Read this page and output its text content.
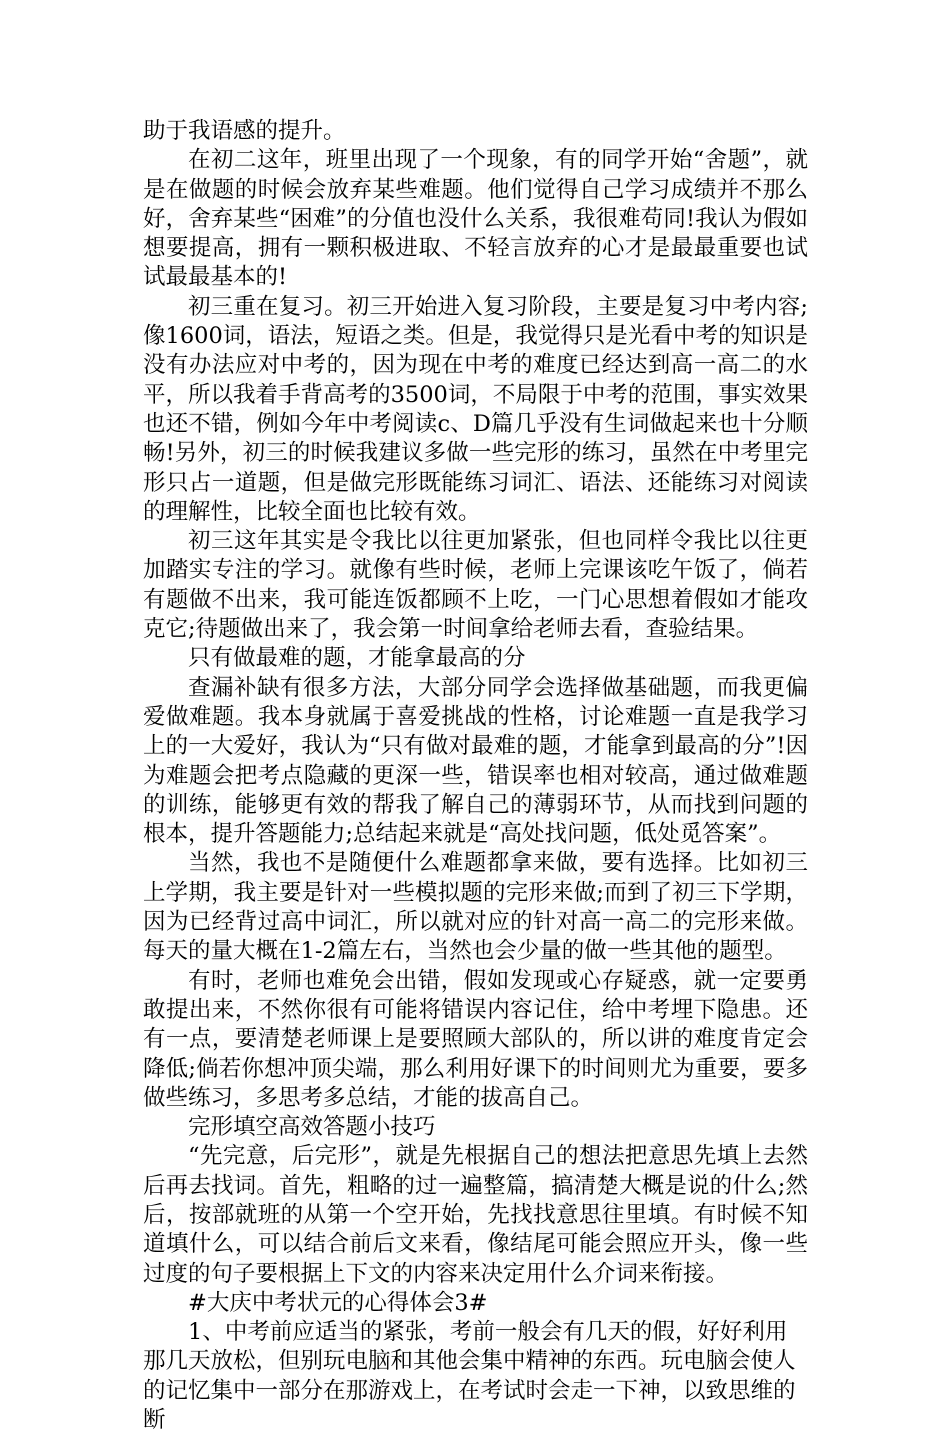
助于我语感的提升。

在初二这年，班里出现了一个现象，有的同学开始“舍题”，就是在做题的时候会放弃某些难题。他们觉得自己学习成绩并不那么好，舍弃某些“困难”的分值也没什么关系，我很难苟同!我认为假如想要提高，拥有一颗积极进取、不轻言放弃的心才是最最重要也试试最最基本的!

初三重在复习。初三开始进入复习阶段，主要是复习中考内容;像1600词，语法，短语之类。但是，我觉得只是光看中考的知识是没有办法应对中考的，因为现在中考的难度已经达到高一高二的水平，所以我着手背高考的3500词，不局限于中考的范围，事实效果也还不错，例如今年中考阅读c、D篇几乎没有生词做起来也十分顺畅!另外，初三的时候我建议多做一些完形的练习，虽然在中考里完形只占一道题，但是做完形既能练习词汇、语法、还能练习对阅读的理解性，比较全面也比较有效。

初三这年其实是令我比以往更加紧张，但也同样令我比以往更加踏实专注的学习。就像有些时候，老师上完课该吃午饭了，倘若有题做不出来，我可能连饭都顾不上吃，一门心思想着假如才能攻克它;待题做出来了，我会第一时间拿给老师去看，查验结果。

只有做最难的题，才能拿最高的分

查漏补缺有很多方法，大部分同学会选择做基础题，而我更偏爱做难题。我本身就属于喜爱挑战的性格，讨论难题一直是我学习上的一大爱好，我认为“只有做对最难的题，才能拿到最高的分”!因为难题会把考点隐藏的更深一些，错误率也相对较高，通过做难题的训练，能够更有效的帮我了解自己的薄弱环节，从而找到问题的根本，提升答题能力;总结起来就是“高处找问题，低处觅答案”。

当然，我也不是随便什么难题都拿来做，要有选择。比如初三上学期，我主要是针对一些模拟题的完形来做;而到了初三下学期，因为已经背过高中词汇，所以就对应的针对高一高二的完形来做。每天的量大概在1-2篇左右，当然也会少量的做一些其他的题型。

有时，老师也难免会出错，假如发现或心存疑惑，就一定要勇敢提出来，不然你很有可能将错误内容记住，给中考埋下隐患。还有一点，要清楚老师课上是要照顾大部队的，所以讲的难度肯定会降低;倘若你想冲顶尖端，那么利用好课下的时间则尤为重要，要多做些练习，多思考多总结，才能的拔高自己。

完形填空高效答题小技巧

“先完意，后完形”，就是先根据自己的想法把意思先填上去然后再去找词。首先，粗略的过一遍整篇，搞清楚大概是说的什么;然后，按部就班的从第一个空开始，先找找意思往里填。有时候不知道填什么，可以结合前后文来看，像结尾可能会照应开头，像一些过度的句子要根据上下文的内容来决定用什么介词来衔接。

#大庆中考状元的心得体会3#

1、中考前应适当的紧张，考前一般会有几天的假，好好利用那几天放松，但别玩电脑和其他会集中精神的东西。玩电脑会使人的记忆集中一部分在那游戏上，在考试时会走一下神，以致思维的断
